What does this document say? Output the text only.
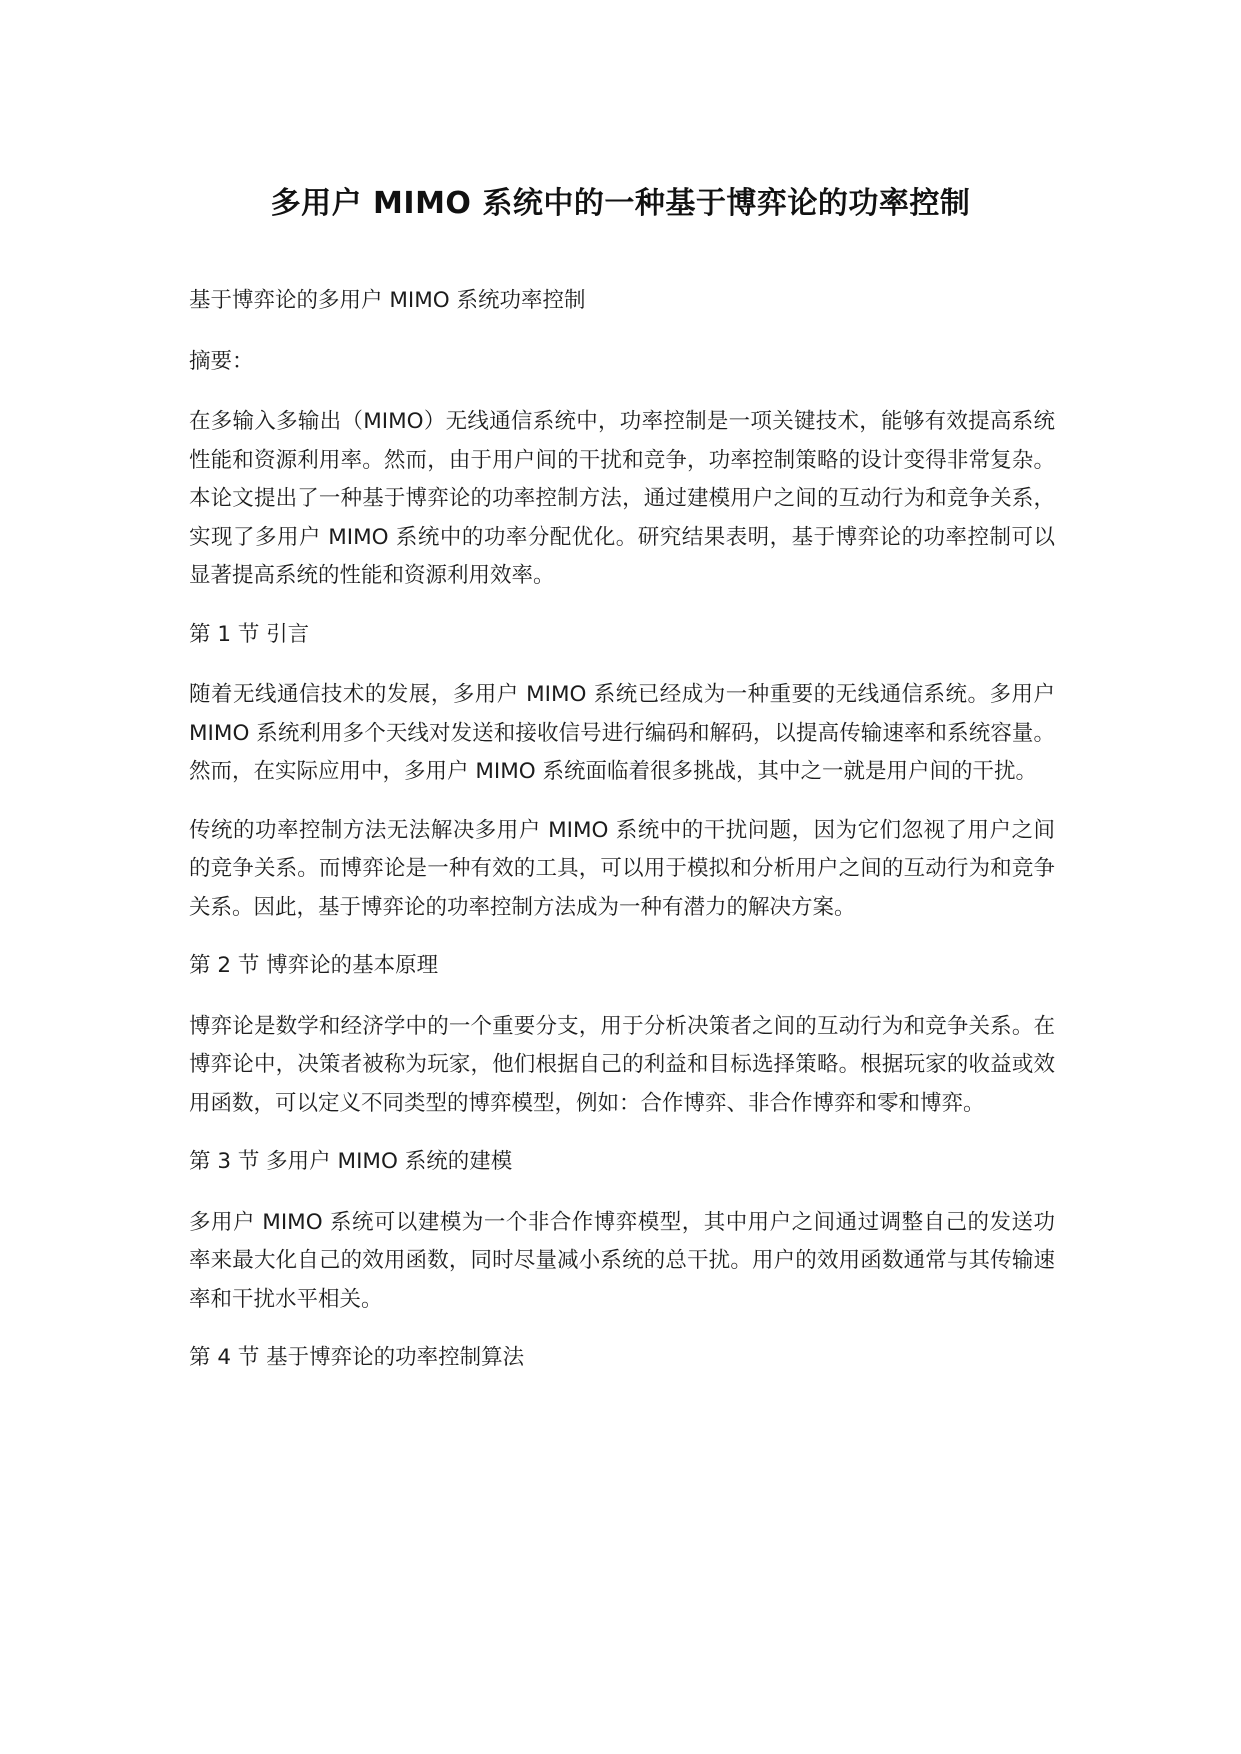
多用户 MIMO 系统中的一种基于博弈论的功率控制

基于博弈论的多用户 MIMO 系统功率控制

摘要：

在多输入多输出（MIMO）无线通信系统中，功率控制是一项关键技术，能够有效提高系统性能和资源利用率。然而，由于用户间的干扰和竞争，功率控制策略的设计变得非常复杂。本论文提出了一种基于博弈论的功率控制方法，通过建模用户之间的互动行为和竞争关系，实现了多用户 MIMO 系统中的功率分配优化。研究结果表明，基于博弈论的功率控制可以显著提高系统的性能和资源利用效率。

第 1 节 引言

随着无线通信技术的发展，多用户 MIMO 系统已经成为一种重要的无线通信系统。多用户 MIMO 系统利用多个天线对发送和接收信号进行编码和解码，以提高传输速率和系统容量。然而，在实际应用中，多用户 MIMO 系统面临着很多挑战，其中之一就是用户间的干扰。

传统的功率控制方法无法解决多用户 MIMO 系统中的干扰问题，因为它们忽视了用户之间的竞争关系。而博弈论是一种有效的工具，可以用于模拟和分析用户之间的互动行为和竞争关系。因此，基于博弈论的功率控制方法成为一种有潜力的解决方案。

第 2 节 博弈论的基本原理

博弈论是数学和经济学中的一个重要分支，用于分析决策者之间的互动行为和竞争关系。在博弈论中，决策者被称为玩家，他们根据自己的利益和目标选择策略。根据玩家的收益或效用函数，可以定义不同类型的博弈模型，例如：合作博弈、非合作博弈和零和博弈。

第 3 节 多用户 MIMO 系统的建模

多用户 MIMO 系统可以建模为一个非合作博弈模型，其中用户之间通过调整自己的发送功率来最大化自己的效用函数，同时尽量减小系统的总干扰。用户的效用函数通常与其传输速率和干扰水平相关。

第 4 节 基于博弈论的功率控制算法
